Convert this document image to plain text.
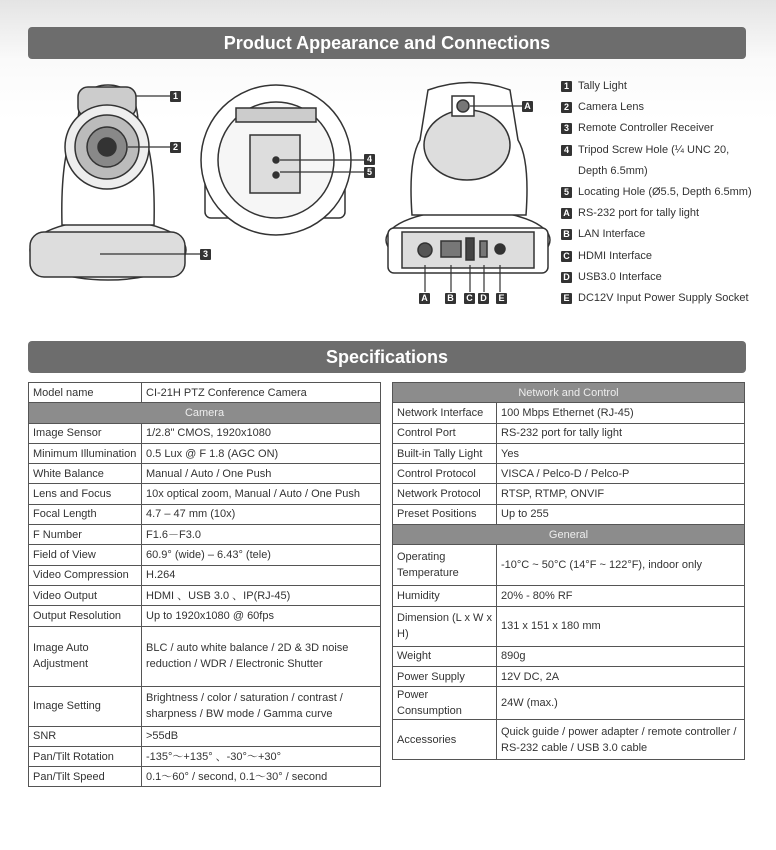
Product Appearance and Connections
1
2
3
4
5
A
A B C D E
1 Tally Light
2 Camera Lens
3 Remote Controller Receiver
4 Tripod Screw Hole (¼ UNC 20, Depth 6.5mm)
5 Locating Hole (Ø5.5, Depth 6.5mm)
A RS-232 port for tally light
B LAN Interface
C HDMI Interface
D USB3.0 Interface
E DC12V Input Power Supply Socket
Specifications
Model name	CI-21H PTZ Conference Camera
Camera	
Image Sensor	1/2.8" CMOS, 1920x1080
Minimum Illumination	0.5 Lux @ F 1.8 (AGC ON)
White Balance	Manual / Auto / One Push
Lens and Focus	10x optical zoom, Manual / Auto / One Push
Focal Length	4.7 – 47 mm (10x)
F Number	F1.6－F3.0
Field of View	60.9° (wide) – 6.43° (tele)
Video Compression	H.264
Video Output	HDMI 、USB 3.0 、IP(RJ-45)
Output Resolution	Up to 1920x1080 @ 60fps
Image Auto Adjustment	BLC / auto white balance / 2D & 3D noise reduction / WDR / Electronic Shutter
Image Setting	Brightness / color / saturation / contrast / sharpness / BW mode / Gamma curve
SNR	>55dB
Pan/Tilt Rotation	-135°～+135° 、-30°～+30°
Pan/Tilt Speed	0.1～60° / second, 0.1～30° / second
Network and Control	
Network Interface	100 Mbps Ethernet (RJ-45)
Control Port	RS-232 port for tally light
Built-in Tally Light	Yes
Control Protocol	VISCA / Pelco-D / Pelco-P
Network Protocol	RTSP, RTMP, ONVIF
Preset Positions	Up to 255
General	
Operating Temperature	-10°C ~ 50°C (14°F ~ 122°F), indoor only
Humidity	20% - 80% RF
Dimension (L x W x H)	131 x 151 x 180 mm
Weight	890g
Power Supply	12V DC, 2A
Power Consumption	24W (max.)
Accessories	Quick guide / power adapter / remote controller / RS-232 cable / USB 3.0 cable
